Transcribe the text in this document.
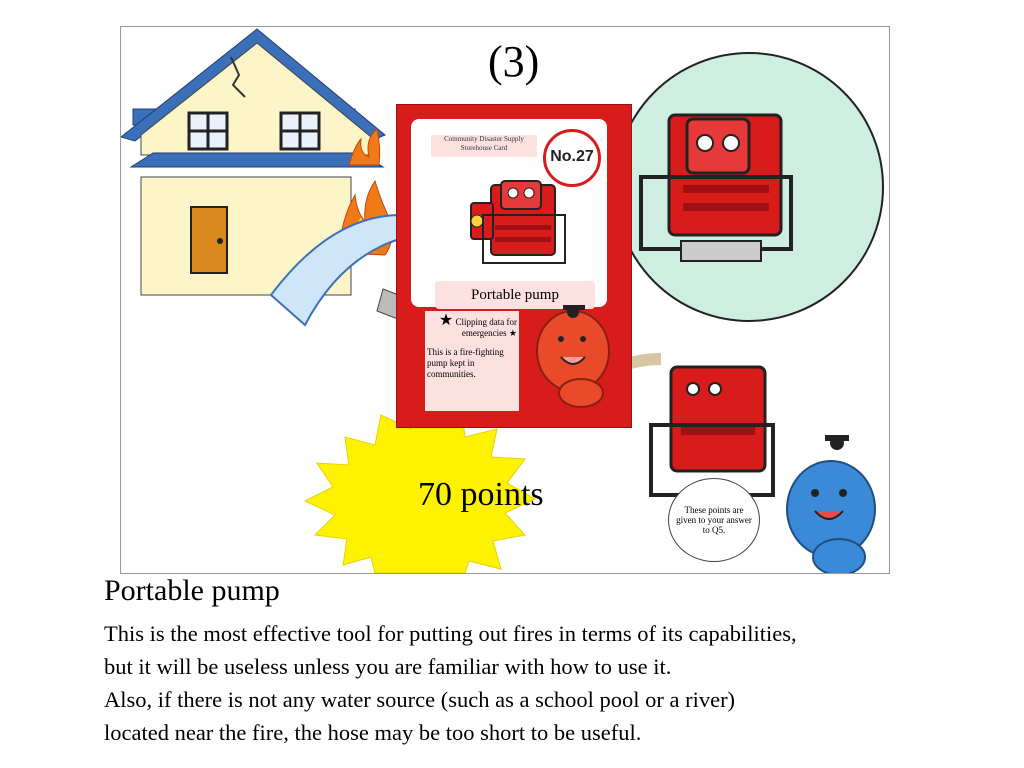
(3)
Community Disaster Supply Storehouse Card	No.27
Portable pump
★ Clipping data for emergencies ★
This is a fire-fighting pump kept in communities.
70 points	These points are given to your answer to Q5.
Portable pump
This is the most effective tool for putting out fires in terms of its capabilities,
but it will be useless unless you are familiar with how to use it.
Also, if there is not any water source (such as a school pool or a river)
located near the fire, the hose may be too short to be useful.
